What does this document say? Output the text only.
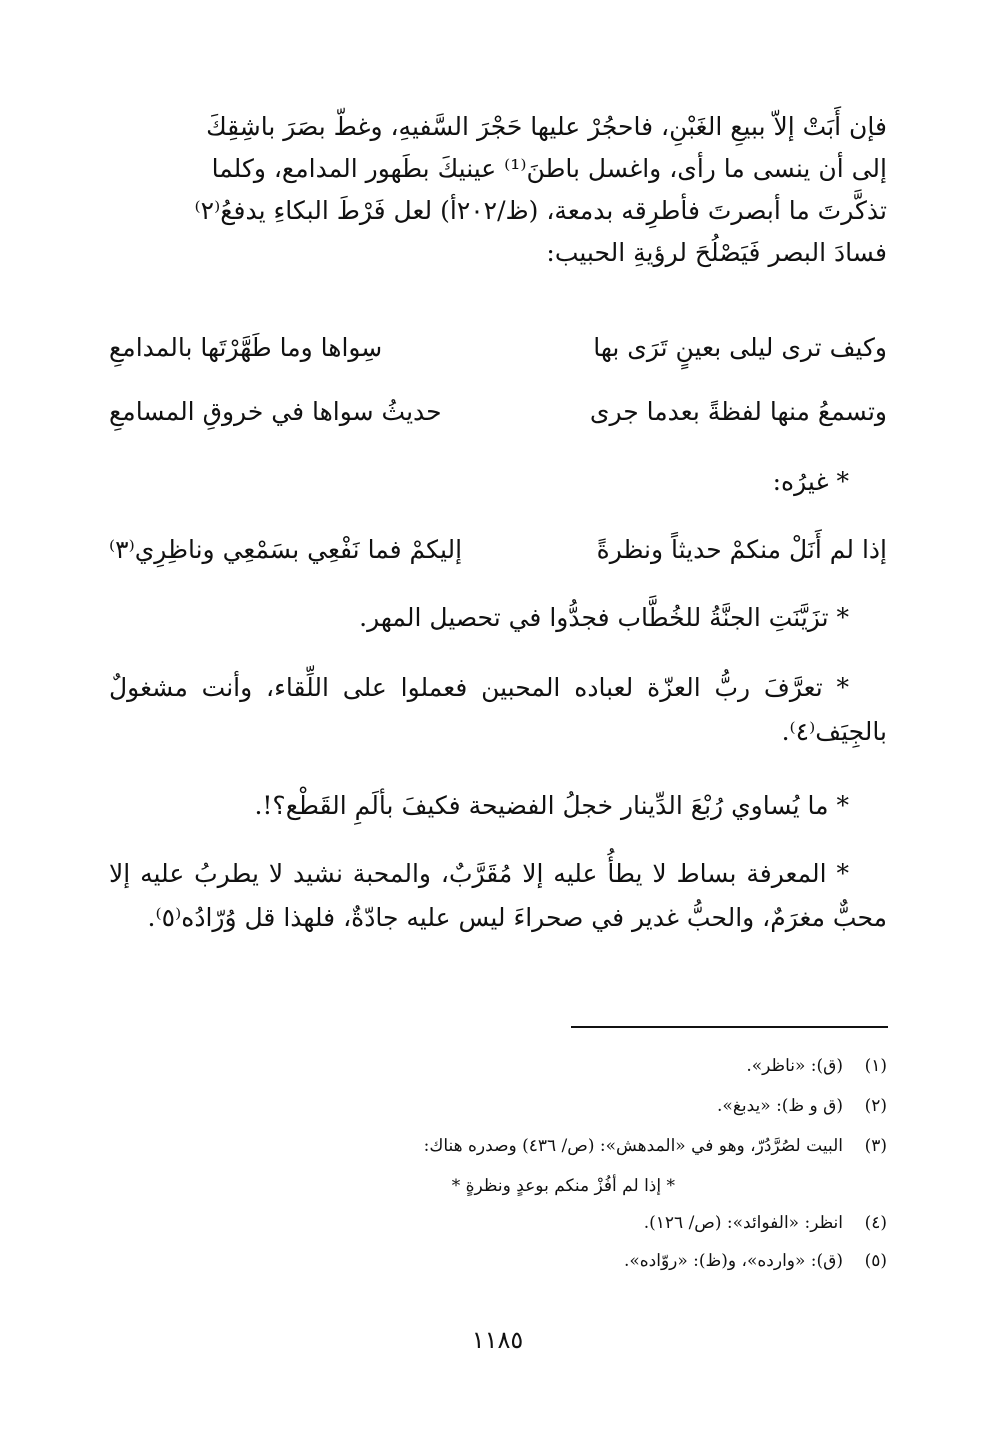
فإن أَبَتْ إلاّ ببيعِ الغَبْنِ، فاحجُرْ عليها حَجْرَ السَّفيهِ، وغطّ بصَرَ باشِقِكَ
إلى أن ينسى ما رأى، واغسل باطنَ⁽¹⁾ عينيكَ بطَهور المدامع، وكلما
تذكَّرتَ ما أبصرتَ فأطرِقه بدمعة، (ظ/٢٠٢أ) لعل فَرْطَ البكاءِ يدفعُ⁽٢⁾
فسادَ البصر فَيَصْلُحَ لرؤيةِ الحبيب:
وكيف ترى ليلى بعينٍ تَرَى بها
سِواها وما طَهَّرْتَها بالمدامعِ
وتسمعُ منها لفظةً بعدما جرى
حديثُ سواها في خروقِ المسامعِ
* غيرُه:
إذا لم أَنَلْ منكمْ حديثاً ونظرةً
إليكمْ فما نَفْعِي بسَمْعِي وناظِرِي⁽٣⁾
* تزَيَّنَتِ الجنَّةُ للخُطَّاب فجدُّوا في تحصيل المهر.
* تعرَّفَ ربُّ العزّة لعباده المحبين فعملوا على اللِّقاء، وأنت مشغولٌ بالجِيَف⁽٤⁾.
* ما يُساوي رُبْعَ الدِّينار خجلُ الفضيحة فكيفَ بألَمِ القَطْع؟!.
* المعرفة بساط لا يطأُ عليه إلا مُقَرَّبٌ، والمحبة نشيد لا يطربُ عليه إلا محبٌّ مغرَمٌ، والحبُّ غدير في صحراءَ ليس عليه جادّةٌ، فلهذا قل وُرّادُه⁽٥⁾.
(١)(ق): «ناظر».
(٢)(ق و ظ): «يدبغ».
(٣)البيت لصُرَّدُرّ، وهو في «المدهش»: (ص/ ٤٣٦) وصدره هناك:
* إذا لم أفُزْ منكم بوعدٍ ونظرةٍ *
(٤)انظر: «الفوائد»: (ص/ ١٢٦).
(٥)(ق): «وارده»، و(ظ): «روّاده».
١١٨٥
